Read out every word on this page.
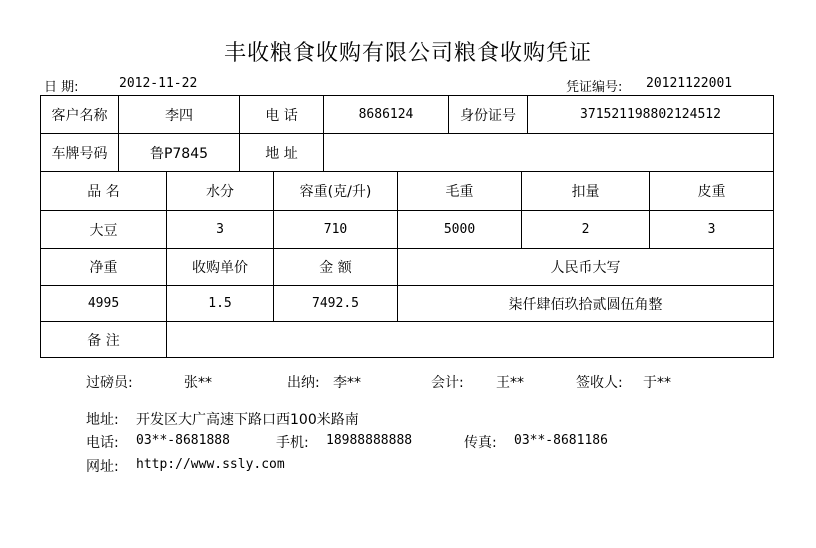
丰收粮食收购有限公司粮食收购凭证
日 期:	2012-11-22	凭证编号: 20121122001
客户名称	李四	电 话	8686124	身份证号	371521198802124512
车牌号码	鲁P7845	地 址
品 名	水分	容重(克/升)	毛重	扣量	皮重
大豆	3	710	5000	2	3
净重	收购单价	金 额	人民币大写
4995	1.5	7492.5	柒仟肆佰玖拾贰圆伍角整
备 注
过磅员:	张**	出纳: 李**	会计: 王**	签收人: 于**
地址: 开发区大广高速下路口西100米路南
电话: 03**-8681888	手机: 18988888888	传真: 03**-8681186
网址: http://www.ssly.com
